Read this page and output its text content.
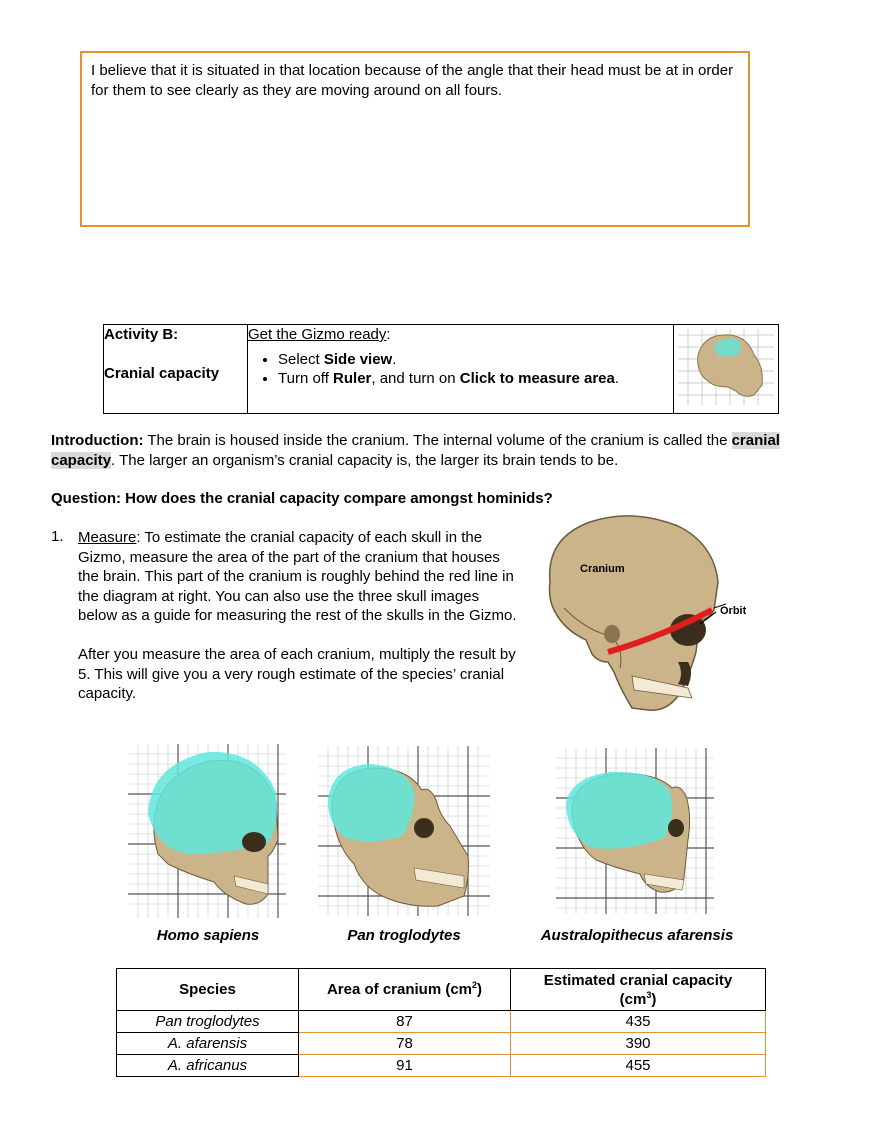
I believe that it is situated in that location because of the angle that their head must be at in order for them to see clearly as they are moving around on all fours.
Activity B:
Cranial capacity

Get the Gizmo ready:
• Select Side view.
• Turn off Ruler, and turn on Click to measure area.

Introduction: The brain is housed inside the cranium. The internal volume of the cranium is called the cranial capacity. The larger an organism’s cranial capacity is, the larger its brain tends to be.

Question: How does the cranial capacity compare amongst hominids?
1. Measure: To estimate the cranial capacity of each skull in the Gizmo, measure the area of the part of the cranium that houses the brain. This part of the cranium is roughly behind the red line in the diagram at right. You can also use the three skull images below as a guide for measuring the rest of the skulls in the Gizmo.

After you measure the area of each cranium, multiply the result by 5. This will give you a very rough estimate of the species’ cranial capacity.

Cranium
Orbit
Homo sapiens	Pan troglodytes	Australopithecus afarensis
Species	Area of cranium $(cm^2)$	Estimated cranial capacity
$(cm^3)$

Pan troglodytes	87	435
A. afarensis	78	390
A. africanus	91	455
